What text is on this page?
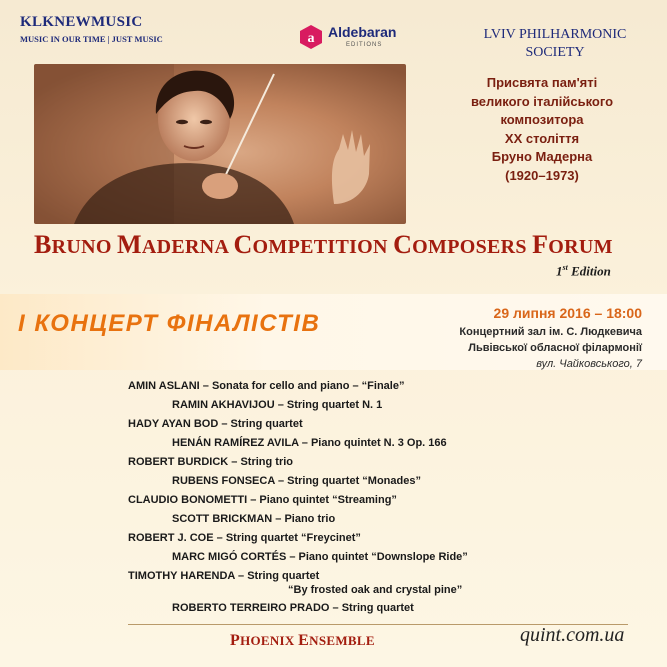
KLKNEWMUSIC
MUSIC IN OUR TIME | JUST MUSIC	a Aldebaran
EDITIONS
LVIV PHILHARMONIC
SOCIETY
Присвята пам'яті
великого італійського
композитора
XX століття
Бруно Мадерна
(1920–1973)
BRUNO MADERNA COMPETITION COMPOSERS FORUM
1st Edition
І КОНЦЕРТ ФІНАЛІСТІВ	29 липня 2016 – 18:00
Концертний зал ім. С. Людкевича
Львівської обласної філармонії
вул. Чайковського, 7
AMIN ASLANI – Sonata for cello and piano – “Finale”
RAMIN AKHAVIJOU – String quartet N. 1
HADY AYAN BOD – String quartet
HENÁN RAMÍREZ AVILA – Piano quintet N. 3 Op. 166
ROBERT BURDICK – String trio
RUBENS FONSECA – String quartet “Monades”
CLAUDIO BONOMETTI – Piano quintet “Streaming”
SCOTT BRICKMAN – Piano trio
ROBERT J. COE – String quartet “Freycinet”
MARC MIGÓ CORTÉS – Piano quintet “Downslope Ride”
TIMOTHY HARENDA – String quartet
“By frosted oak and crystal pine”
ROBERTO TERREIRO PRADO – String quartet
PHOENIX ENSEMBLE	quint.com.ua
